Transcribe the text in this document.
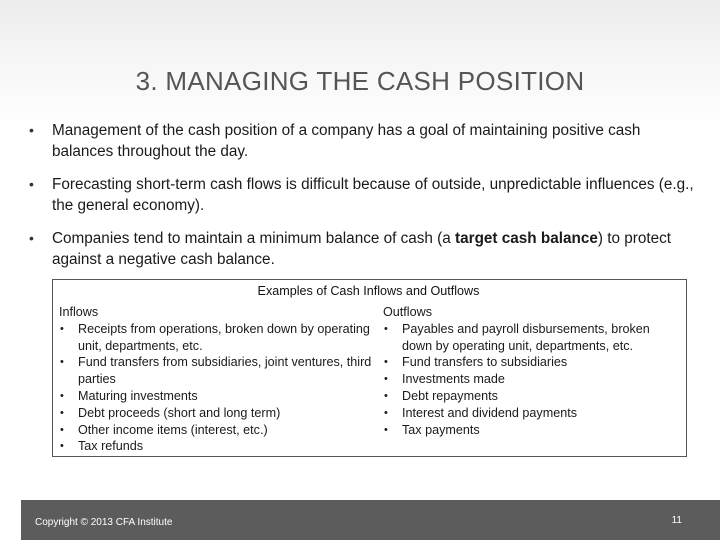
3. MANAGING THE CASH POSITION
• Management of the cash position of a company has a goal of maintaining positive cash balances throughout the day.
• Forecasting short-term cash flows is difficult because of outside, unpredictable influences (e.g., the general economy).
• Companies tend to maintain a minimum balance of cash (a target cash balance) to protect against a negative cash balance.
Examples of Cash Inflows and Outflows
Inflows
• Receipts from operations, broken down by operating unit, departments, etc.
• Fund transfers from subsidiaries, joint ventures, third parties
• Maturing investments
• Debt proceeds (short and long term)
• Other income items (interest, etc.)
• Tax refunds
Outflows
• Payables and payroll disbursements, broken down by operating unit, departments, etc.
• Fund transfers to subsidiaries
• Investments made
• Debt repayments
• Interest and dividend payments
• Tax payments
Copyright © 2013 CFA Institute	11
